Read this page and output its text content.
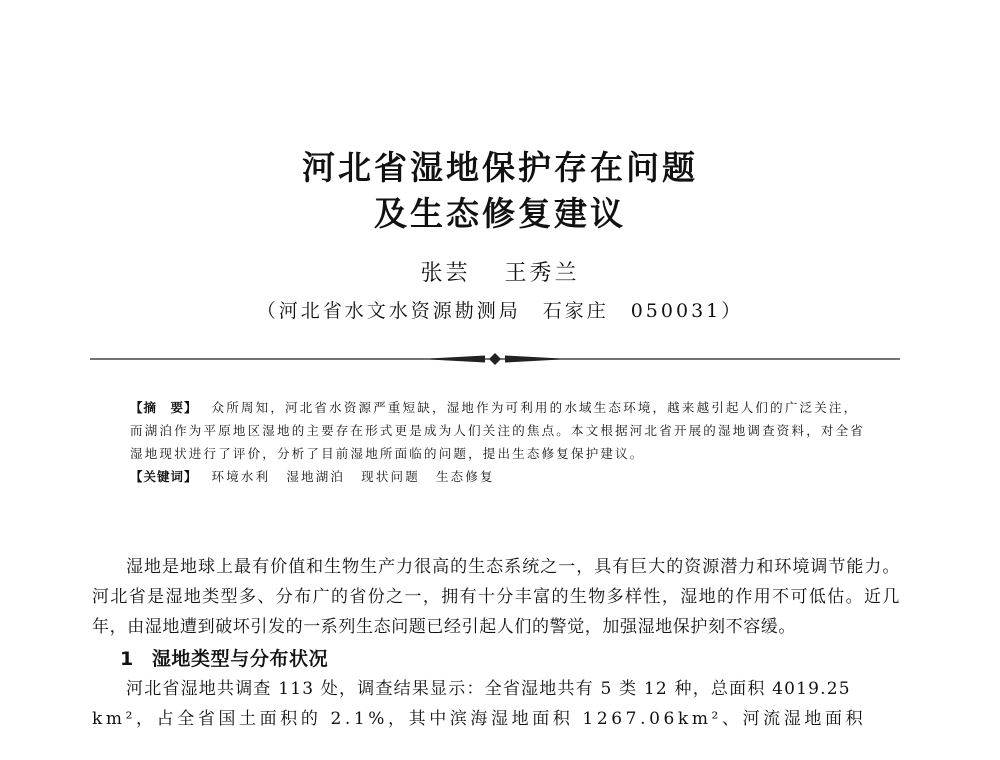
河北省湿地保护存在问题
及生态修复建议
张芸 王秀兰
（河北省水文水资源勘测局　石家庄　050031）
【摘　要】 众所周知，河北省水资源严重短缺，湿地作为可利用的水域生态环境，越来越引起人们的广泛关注，而湖泊作为平原地区湿地的主要存在形式更是成为人们关注的焦点。本文根据河北省开展的湿地调查资料，对全省湿地现状进行了评价，分析了目前湿地所面临的问题，提出生态修复保护建议。
【关键词】 环境水利 湿地湖泊 现状问题 生态修复

湿地是地球上最有价值和生物生产力很高的生态系统之一，具有巨大的资源潜力和环境调节能力。河北省是湿地类型多、分布广的省份之一，拥有十分丰富的生物多样性，湿地的作用不可低估。近几年，由湿地遭到破坏引发的一系列生态问题已经引起人们的警觉，加强湿地保护刻不容缓。

1 湿地类型与分布状况

河北省湿地共调查 113 处，调查结果显示：全省湿地共有 5 类 12 种，总面积 4019.25

km²，占全省国土面积的 2.1%，其中滨海湿地面积 1267.06km²、河流湿地面积
